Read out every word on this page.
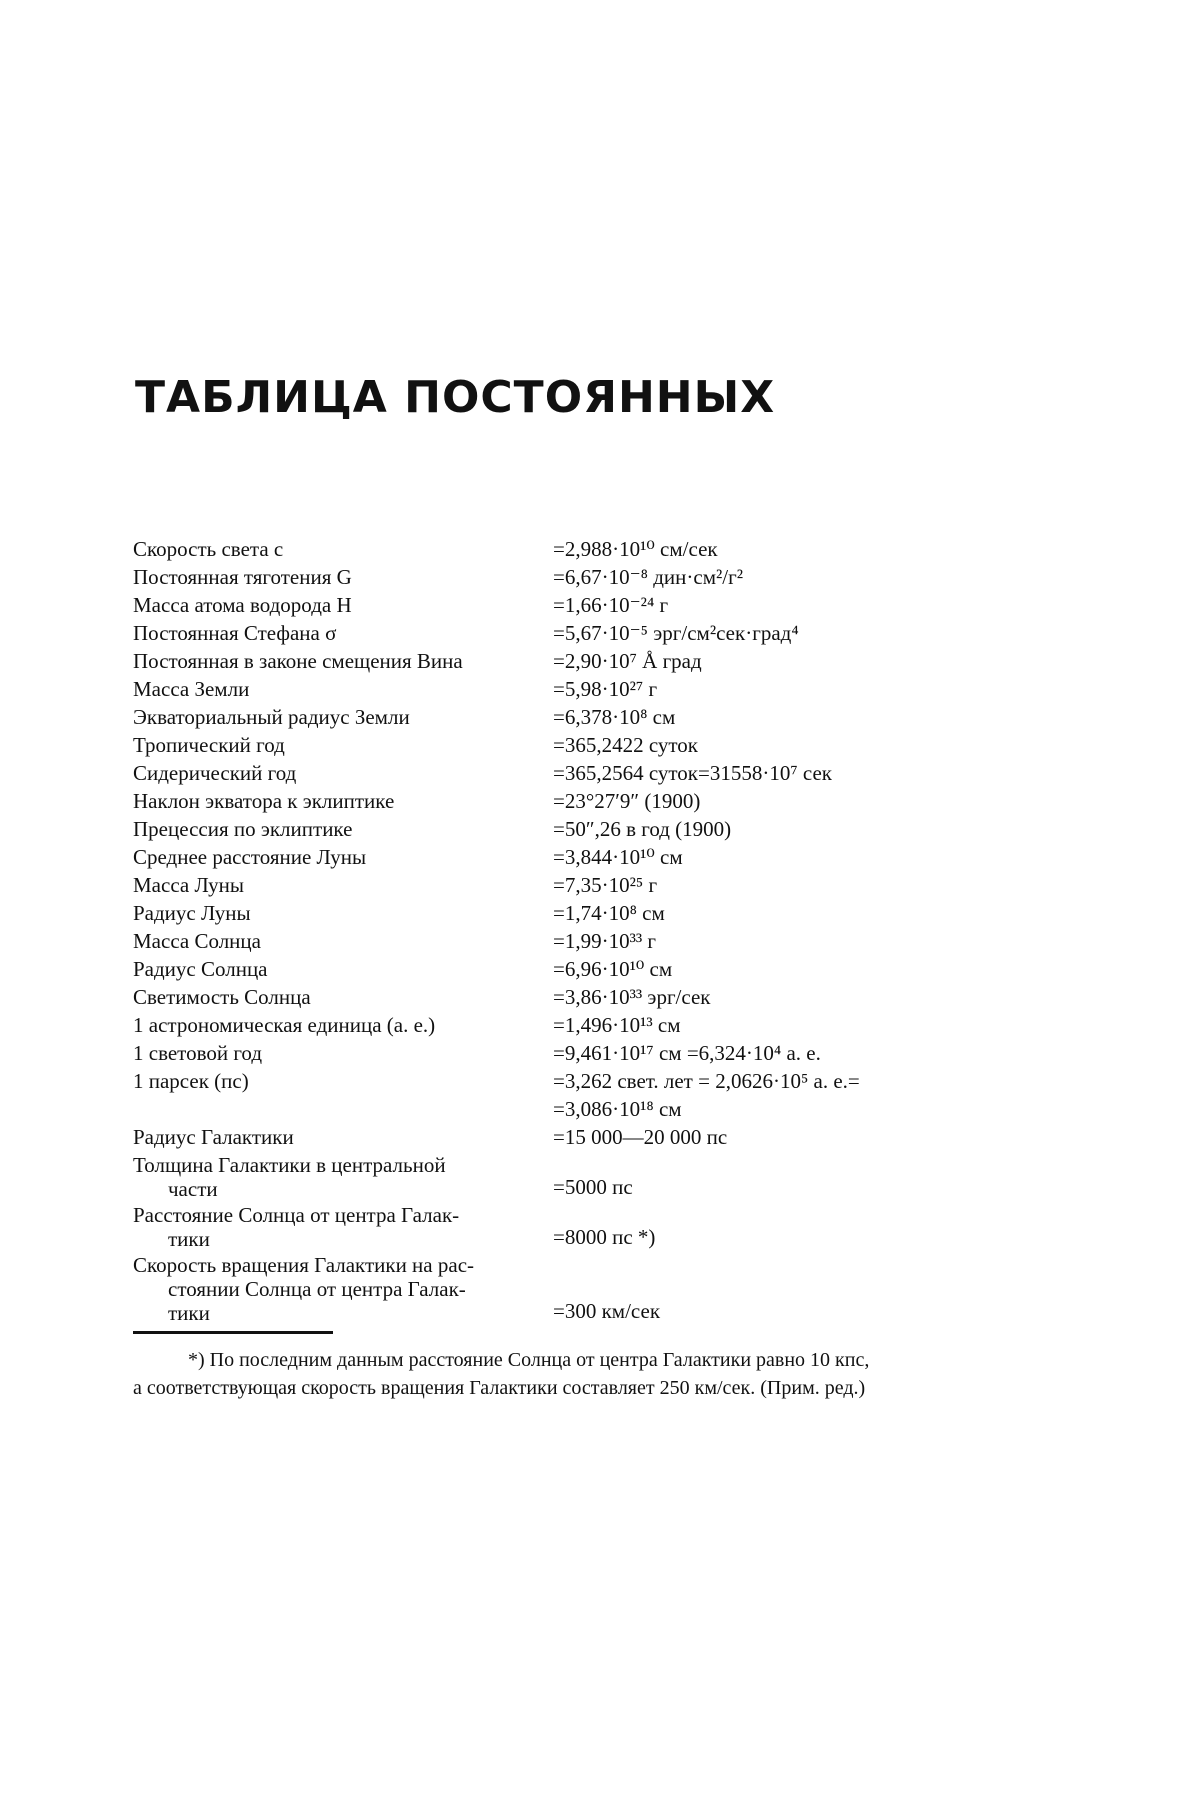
ТАБЛИЦА ПОСТОЯННЫХ
Скорость света c	=2,988·10¹⁰ см/сек
Постоянная тяготения G	=6,67·10⁻⁸ дин·см²/г²
Масса атома водорода H	=1,66·10⁻²⁴ г
Постоянная Стефана σ	=5,67·10⁻⁵ эрг/см²сек·град⁴
Постоянная в законе смещения Вина	=2,90·10⁷ Å град
Масса Земли	=5,98·10²⁷ г
Экваториальный радиус Земли	=6,378·10⁸ см
Тропический год	=365,2422 суток
Сидерический год	=365,2564 суток=31558·10⁷ сек
Наклон экватора к эклиптике	=23°27′9″ (1900)
Прецессия по эклиптике	=50″,26 в год (1900)
Среднее расстояние Луны	=3,844·10¹⁰ см
Масса Луны	=7,35·10²⁵ г
Радиус Луны	=1,74·10⁸ см
Масса Солнца	=1,99·10³³ г
Радиус Солнца	=6,96·10¹⁰ см
Светимость Солнца	=3,86·10³³ эрг/сек
1 астрономическая единица (а. е.)	=1,496·10¹³ см
1 световой год	=9,461·10¹⁷ см =6,324·10⁴ а. е.
1 парсек (пс)	=3,262 свет. лет = 2,0626·10⁵ а. е.=
=3,086·10¹⁸ см
Радиус Галактики	=15 000—20 000 пс
Толщина Галактики в центральной
части	=5000 пс
Расстояние Солнца от центра Галак-
тики	=8000 пс *)
Скорость вращения Галактики на рас-
стоянии Солнца от центра Галак-
тики	=300 км/сек
*) По последним данным расстояние Солнца от центра Галактики равно 10 кпс,
а соответствующая скорость вращения Галактики составляет 250 км/сек. (Прим. ред.)
